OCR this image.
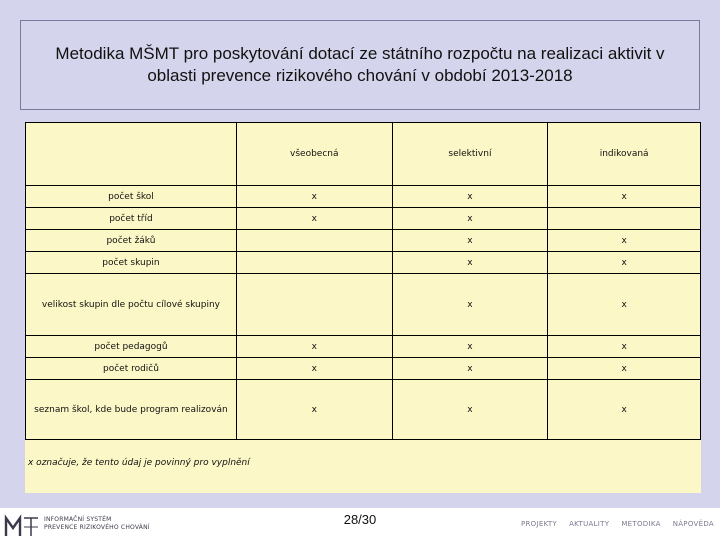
Metodika MŠMT pro poskytování dotací ze státního rozpočtu na realizaci aktivit v oblasti prevence rizikového chování v období 2013-2018
	všeobecná	selektivní	indikovaná
počet škol	x	x	x
počet tříd	x	x	
počet žáků		x	x
počet skupin		x	x
velikost skupin dle počtu cílové skupiny		x	x
počet pedagogů	x	x	x
počet rodičů	x	x	x
seznam škol, kde bude program realizován	x	x	x
x označuje, že tento údaj je povinný pro vyplnění
INFORMAČNÍ SYSTÉM
PREVENCE RIZIKOVÉHO CHOVÁNÍ
28/30	PROJEKTY AKTUALITY METODIKA NÁPOVĚDA
